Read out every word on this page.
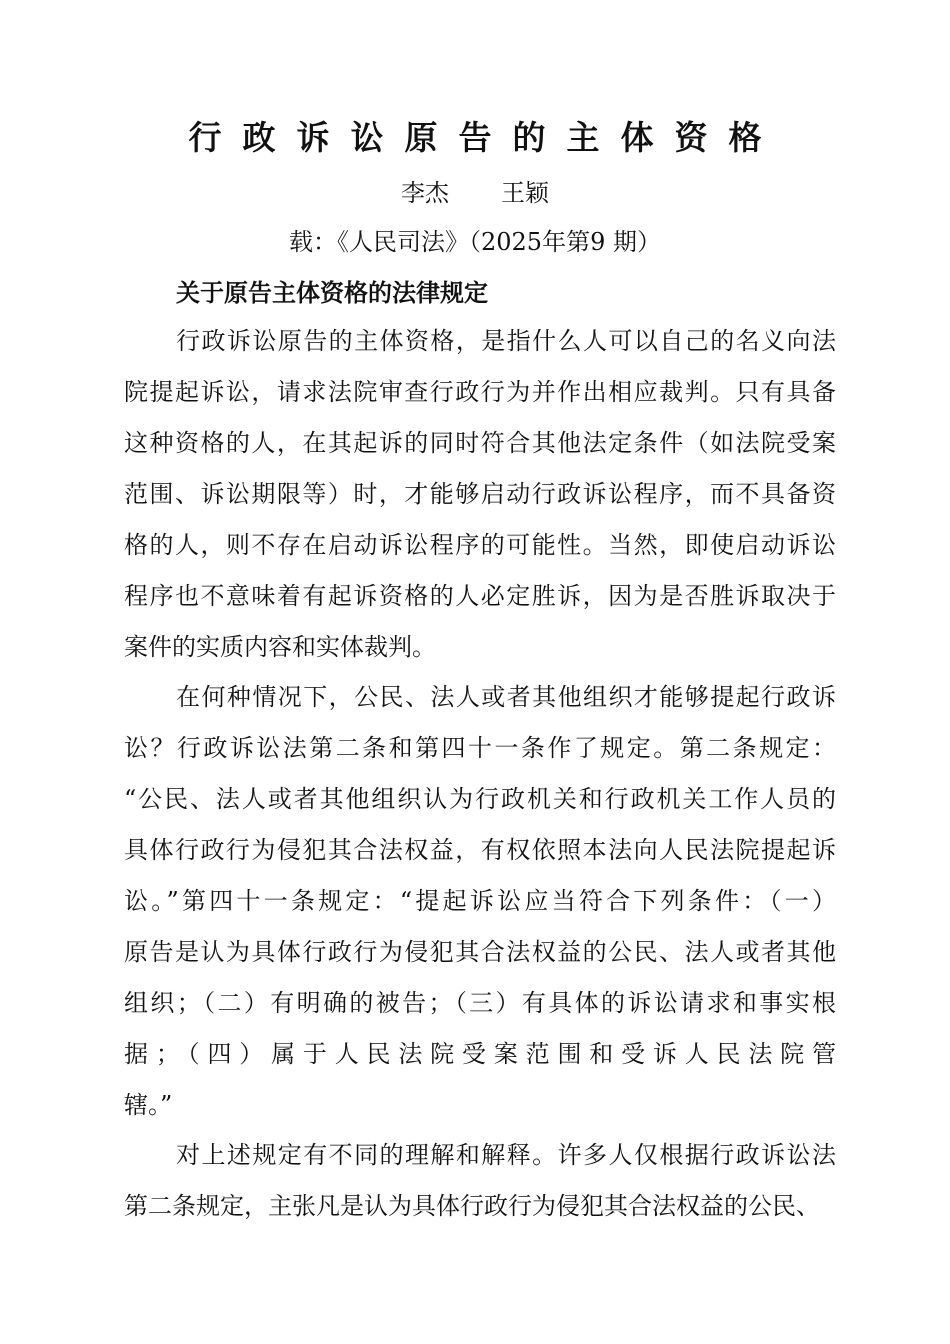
行政诉讼原告的主体资格
李杰 王颖
载：《人民司法》（2025年第9 期）
关于原告主体资格的法律规定
行政诉讼原告的主体资格，是指什么人可以自己的名义向法
院提起诉讼，请求法院审查行政行为并作出相应裁判。只有具备
这种资格的人，在其起诉的同时符合其他法定条件（如法院受案
范围、诉讼期限等）时，才能够启动行政诉讼程序，而不具备资
格的人，则不存在启动诉讼程序的可能性。当然，即使启动诉讼
程序也不意味着有起诉资格的人必定胜诉，因为是否胜诉取决于
案件的实质内容和实体裁判。
在何种情况下，公民、法人或者其他组织才能够提起行政诉
讼？行政诉讼法第二条和第四十一条作了规定。第二条规定：
“公民、法人或者其他组织认为行政机关和行政机关工作人员的
具体行政行为侵犯其合法权益，有权依照本法向人民法院提起诉
讼。”第四十一条规定：“提起诉讼应当符合下列条件：（一）
原告是认为具体行政行为侵犯其合法权益的公民、法人或者其他
组织；（二）有明确的被告；（三）有具体的诉讼请求和事实根
据；（四）属于人民法院受案范围和受诉人民法院管
辖。”
对上述规定有不同的理解和解释。许多人仅根据行政诉讼法
第二条规定，主张凡是认为具体行政行为侵犯其合法权益的公民、
